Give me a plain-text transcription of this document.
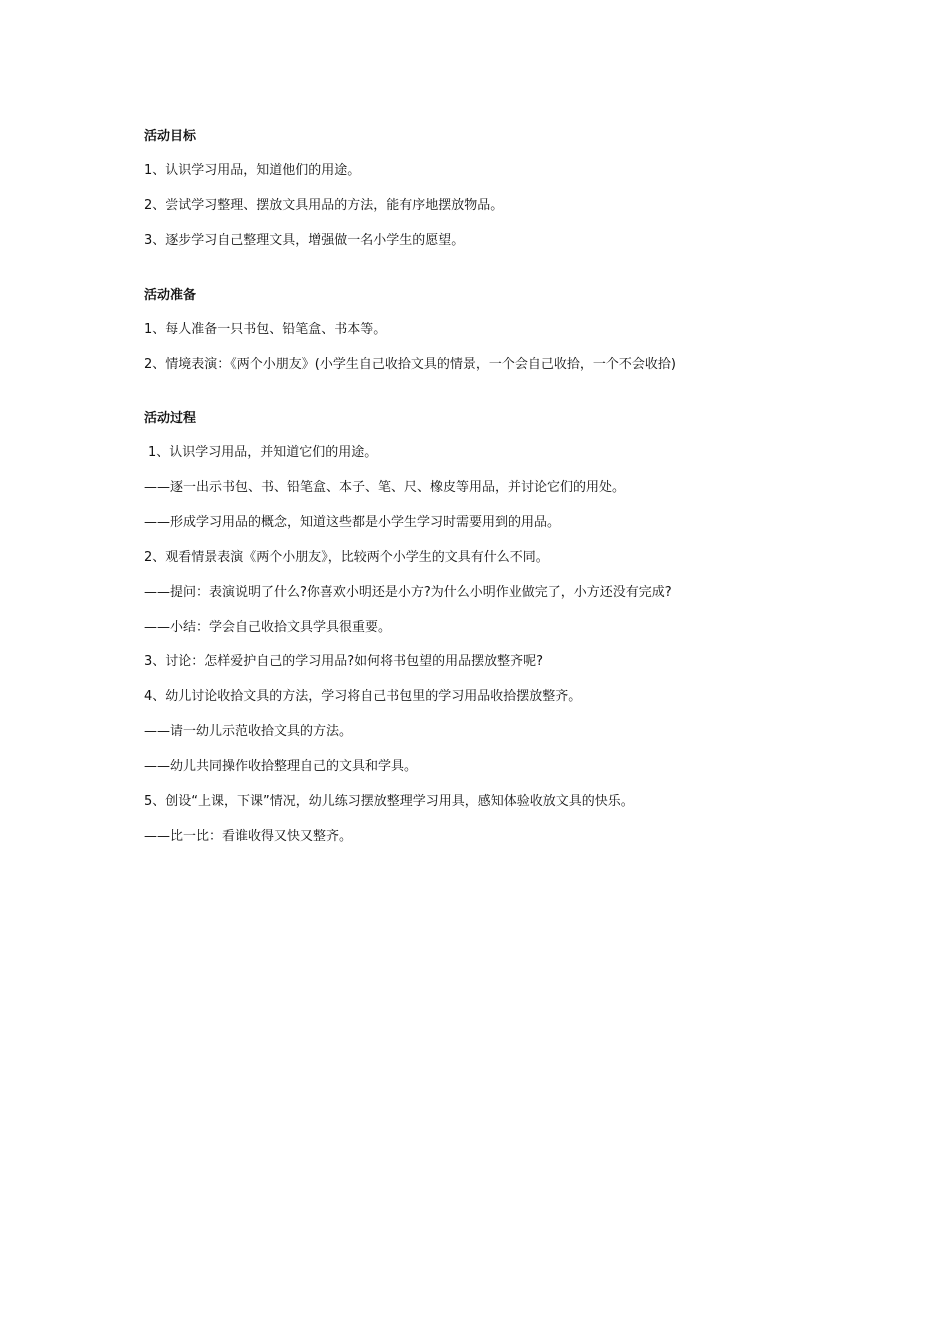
活动目标
1、认识学习用品，知道他们的用途。
2、尝试学习整理、摆放文具用品的方法，能有序地摆放物品。
3、逐步学习自己整理文具，增强做一名小学生的愿望。
活动准备
1、每人准备一只书包、铅笔盒、书本等。
2、情境表演：《两个小朋友》(小学生自己收拾文具的情景，一个会自己收拾，一个不会收拾)
活动过程
1、认识学习用品，并知道它们的用途。
——逐一出示书包、书、铅笔盒、本子、笔、尺、橡皮等用品，并讨论它们的用处。
——形成学习用品的概念，知道这些都是小学生学习时需要用到的用品。
2、观看情景表演《两个小朋友》，比较两个小学生的文具有什么不同。
——提问：表演说明了什么?你喜欢小明还是小方?为什么小明作业做完了，小方还没有完成?
——小结：学会自己收拾文具学具很重要。
3、讨论：怎样爱护自己的学习用品?如何将书包望的用品摆放整齐呢?
4、幼儿讨论收拾文具的方法，学习将自己书包里的学习用品收拾摆放整齐。
——请一幼儿示范收拾文具的方法。
——幼儿共同操作收拾整理自己的文具和学具。
5、创设“上课，下课”情况，幼儿练习摆放整理学习用具，感知体验收放文具的快乐。
——比一比：看谁收得又快又整齐。
